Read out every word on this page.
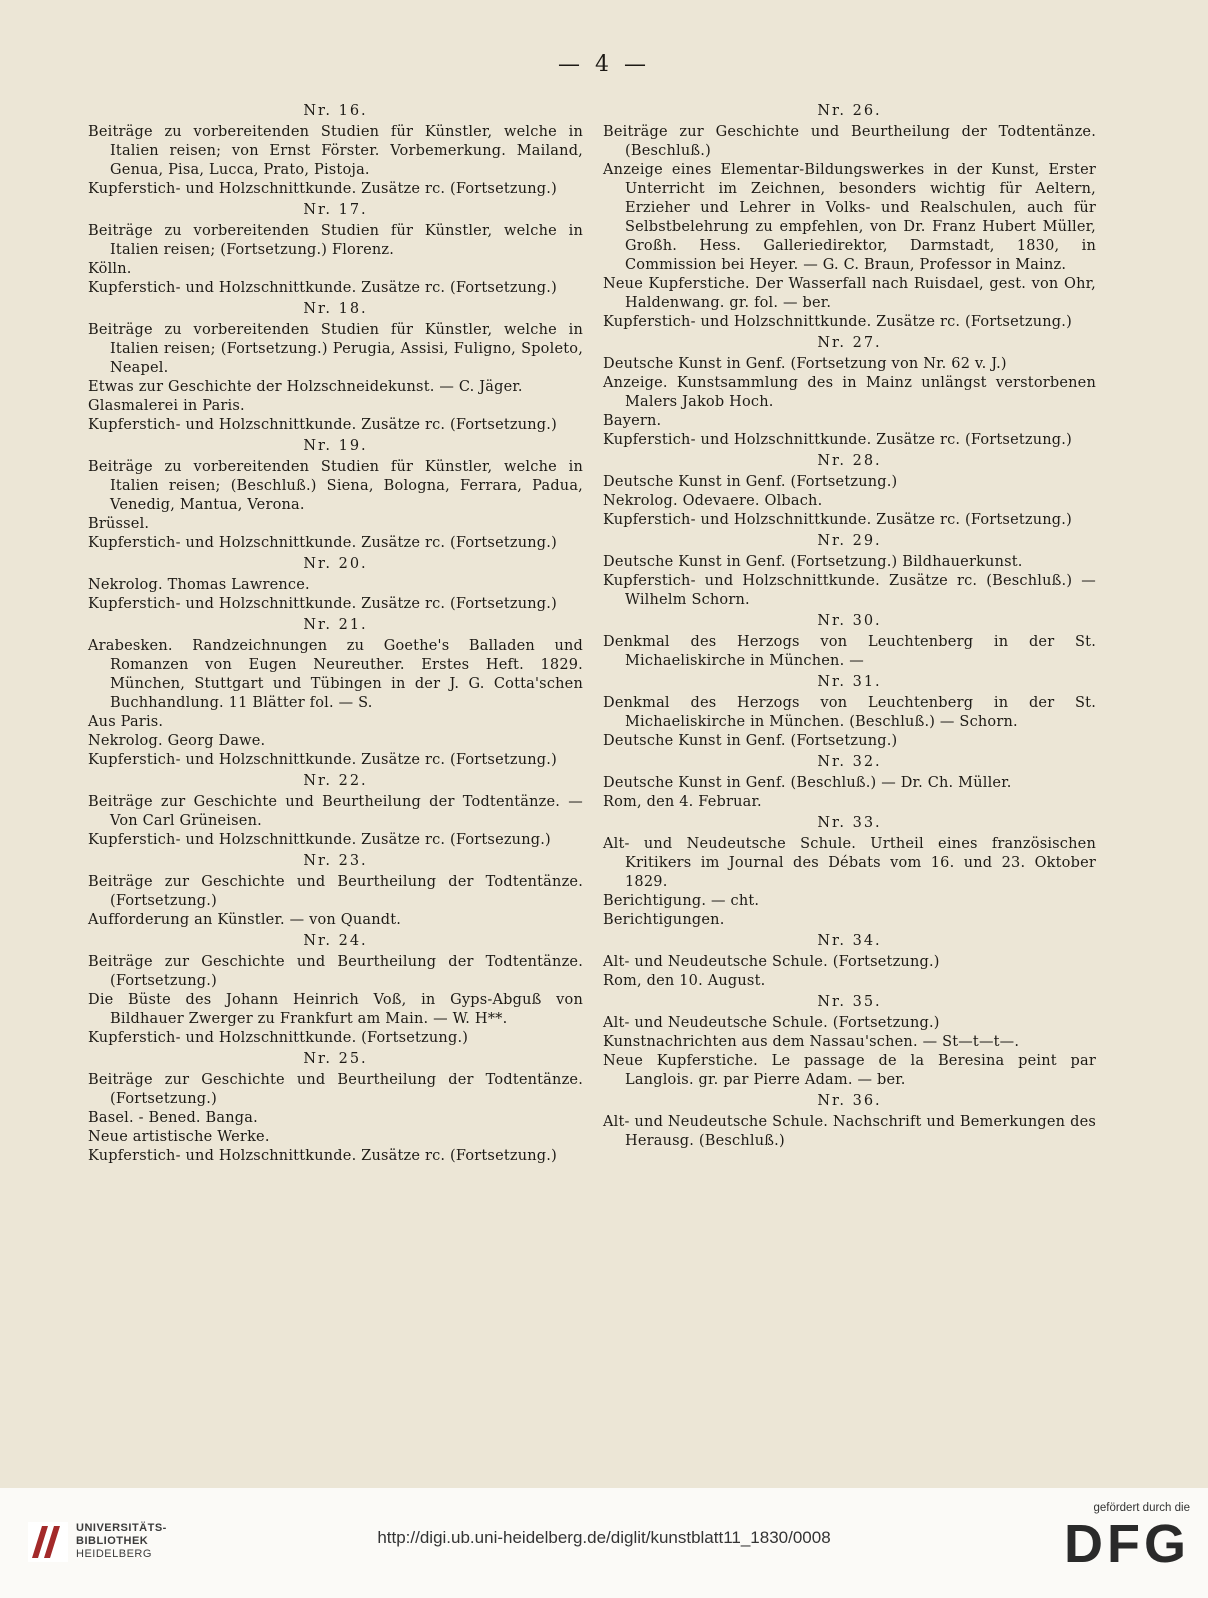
— 4 —
Nr. 16.
Beiträge zu vorbereitenden Studien für Künstler, welche in Italien reisen; von Ernst Förster. Vorbemerkung. Mailand, Genua, Pisa, Lucca, Prato, Pistoja.
Kupferstich- und Holzschnittkunde. Zusätze rc. (Fortsetzung.)
Nr. 17.
Beiträge zu vorbereitenden Studien für Künstler, welche in Italien reisen; (Fortsetzung.) Florenz.
Kölln.
Kupferstich- und Holzschnittkunde. Zusätze rc. (Fortsetzung.)
Nr. 18.
Beiträge zu vorbereitenden Studien für Künstler, welche in Italien reisen; (Fortsetzung.) Perugia, Assisi, Fuligno, Spoleto, Neapel.
Etwas zur Geschichte der Holzschneidekunst. — C. Jäger.
Glasmalerei in Paris.
Kupferstich- und Holzschnittkunde. Zusätze rc. (Fortsetzung.)
Nr. 19.
Beiträge zu vorbereitenden Studien für Künstler, welche in Italien reisen; (Beschluß.) Siena, Bologna, Ferrara, Padua, Venedig, Mantua, Verona.
Brüssel.
Kupferstich- und Holzschnittkunde. Zusätze rc. (Fortsetzung.)
Nr. 20.
Nekrolog. Thomas Lawrence.
Kupferstich- und Holzschnittkunde. Zusätze rc. (Fortsetzung.)
Nr. 21.
Arabesken. Randzeichnungen zu Goethe's Balladen und Romanzen von Eugen Neureuther. Erstes Heft. 1829. München, Stuttgart und Tübingen in der J. G. Cotta'schen Buchhandlung. 11 Blätter fol. — S.
Aus Paris.
Nekrolog. Georg Dawe.
Kupferstich- und Holzschnittkunde. Zusätze rc. (Fortsetzung.)
Nr. 22.
Beiträge zur Geschichte und Beurtheilung der Todtentänze. — Von Carl Grüneisen.
Kupferstich- und Holzschnittkunde. Zusätze rc. (Fortsezung.)
Nr. 23.
Beiträge zur Geschichte und Beurtheilung der Todtentänze. (Fortsetzung.)
Aufforderung an Künstler. — von Quandt.
Nr. 24.
Beiträge zur Geschichte und Beurtheilung der Todtentänze. (Fortsetzung.)
Die Büste des Johann Heinrich Voß, in Gyps-Abguß von Bildhauer Zwerger zu Frankfurt am Main. — W. H**.
Kupferstich- und Holzschnittkunde. (Fortsetzung.)
Nr. 25.
Beiträge zur Geschichte und Beurtheilung der Todtentänze. (Fortsetzung.)
Basel. - Bened. Banga.
Neue artistische Werke.
Kupferstich- und Holzschnittkunde. Zusätze rc. (Fortsetzung.)
Nr. 26.
Beiträge zur Geschichte und Beurtheilung der Todtentänze. (Beschluß.)
Anzeige eines Elementar-Bildungswerkes in der Kunst, Erster Unterricht im Zeichnen, besonders wichtig für Aeltern, Erzieher und Lehrer in Volks- und Realschulen, auch für Selbstbelehrung zu empfehlen, von Dr. Franz Hubert Müller, Großh. Hess. Galleriedirektor, Darmstadt, 1830, in Commission bei Heyer. — G. C. Braun, Professor in Mainz.
Neue Kupferstiche. Der Wasserfall nach Ruisdael, gest. von Ohr, Haldenwang. gr. fol. — ber.
Kupferstich- und Holzschnittkunde. Zusätze rc. (Fortsetzung.)
Nr. 27.
Deutsche Kunst in Genf. (Fortsetzung von Nr. 62 v. J.)
Anzeige. Kunstsammlung des in Mainz unlängst verstorbenen Malers Jakob Hoch.
Bayern.
Kupferstich- und Holzschnittkunde. Zusätze rc. (Fortsetzung.)
Nr. 28.
Deutsche Kunst in Genf. (Fortsetzung.)
Nekrolog. Odevaere. Olbach.
Kupferstich- und Holzschnittkunde. Zusätze rc. (Fortsetzung.)
Nr. 29.
Deutsche Kunst in Genf. (Fortsetzung.) Bildhauerkunst.
Kupferstich- und Holzschnittkunde. Zusätze rc. (Beschluß.) — Wilhelm Schorn.
Nr. 30.
Denkmal des Herzogs von Leuchtenberg in der St. Michaeliskirche in München. —
Nr. 31.
Denkmal des Herzogs von Leuchtenberg in der St. Michaeliskirche in München. (Beschluß.) — Schorn.
Deutsche Kunst in Genf. (Fortsetzung.)
Nr. 32.
Deutsche Kunst in Genf. (Beschluß.) — Dr. Ch. Müller.
Rom, den 4. Februar.
Nr. 33.
Alt- und Neudeutsche Schule. Urtheil eines französischen Kritikers im Journal des Débats vom 16. und 23. Oktober 1829.
Berichtigung. — cht.
Berichtigungen.
Nr. 34.
Alt- und Neudeutsche Schule. (Fortsetzung.)
Rom, den 10. August.
Nr. 35.
Alt- und Neudeutsche Schule. (Fortsetzung.)
Kunstnachrichten aus dem Nassau'schen. — St—t—t—.
Neue Kupferstiche. Le passage de la Beresina peint par Langlois. gr. par Pierre Adam. — ber.
Nr. 36.
Alt- und Neudeutsche Schule. Nachschrift und Bemerkungen des Herausg. (Beschluß.)
UNIVERSITÄTS-
BIBLIOTHEK
HEIDELBERG
http://digi.ub.uni-heidelberg.de/diglit/kunstblatt11_1830/0008
gefördert durch die
DFG
